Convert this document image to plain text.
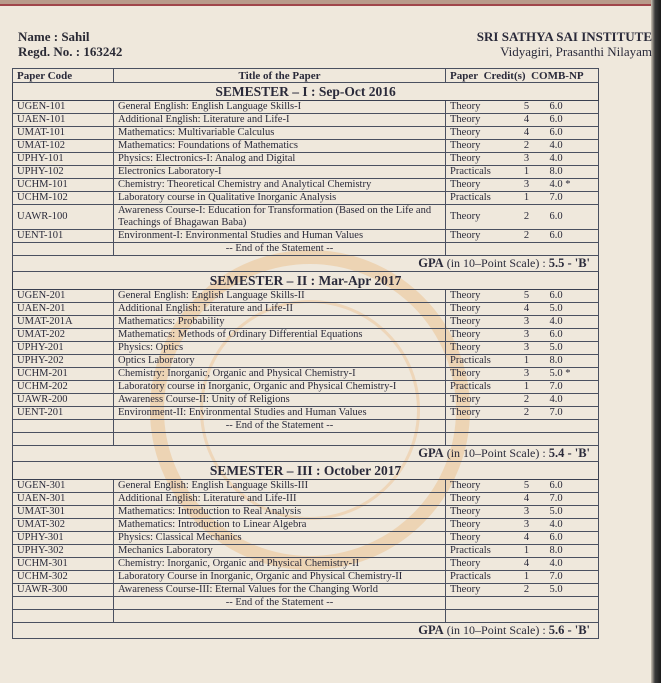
Name : Sahil
Regd. No. : 163242
SRI SATHYA SAI INSTITUTE
Vidyagiri, Prasanthi Nilayam
Paper Code	Title of the Paper	Paper Credit(s) COMB-NP		
SEMESTER – I : Sep-Oct 2016				
UGEN-101	General English: English Language Skills-I	Theory	5	6.0
UAEN-101	Additional English: Literature and Life-I	Theory	4	6.0
UMAT-101	Mathematics: Multivariable Calculus	Theory	4	6.0
UMAT-102	Mathematics: Foundations of Mathematics	Theory	2	4.0
UPHY-101	Physics: Electronics-I: Analog and Digital	Theory	3	4.0
UPHY-102	Electronics Laboratory-I	Practicals	1	8.0
UCHM-101	Chemistry: Theoretical Chemistry and Analytical Chemistry	Theory	3	4.0 *
UCHM-102	Laboratory course in Qualitative Inorganic Analysis	Practicals	1	7.0
UAWR-100	Awareness Course-I: Education for Transformation (Based on the Life and Teachings of Bhagawan Baba)	Theory	2	6.0
UENT-101	Environment-I: Environmental Studies and Human Values	Theory	2	6.0
	-- End of the Statement --			
GPA (in 10–Point Scale) : 5.5 - 'B'				
SEMESTER – II : Mar-Apr 2017				
UGEN-201	General English: English Language Skills-II	Theory	5	6.0
UAEN-201	Additional English: Literature and Life-II	Theory	4	5.0
UMAT-201A	Mathematics: Probability	Theory	3	4.0
UMAT-202	Mathematics: Methods of Ordinary Differential Equations	Theory	3	6.0
UPHY-201	Physics: Optics	Theory	3	5.0
UPHY-202	Optics Laboratory	Practicals	1	8.0
UCHM-201	Chemistry: Inorganic, Organic and Physical Chemistry-I	Theory	3	5.0 *
UCHM-202	Laboratory course in Inorganic, Organic and Physical Chemistry-I	Practicals	1	7.0
UAWR-200	Awareness Course-II: Unity of Religions	Theory	2	4.0
UENT-201	Environment-II: Environmental Studies and Human Values	Theory	2	7.0
	-- End of the Statement --			

GPA (in 10–Point Scale) : 5.4 - 'B'				
SEMESTER – III : October 2017				
UGEN-301	General English: English Language Skills-III	Theory	5	6.0
UAEN-301	Additional English: Literature and Life-III	Theory	4	7.0
UMAT-301	Mathematics: Introduction to Real Analysis	Theory	3	5.0
UMAT-302	Mathematics: Introduction to Linear Algebra	Theory	3	4.0
UPHY-301	Physics: Classical Mechanics	Theory	4	6.0
UPHY-302	Mechanics Laboratory	Practicals	1	8.0
UCHM-301	Chemistry: Inorganic, Organic and Physical Chemistry-II	Theory	4	4.0
UCHM-302	Laboratory Course in Inorganic, Organic and Physical Chemistry-II	Practicals	1	7.0
UAWR-300	Awareness Course-III: Eternal Values for the Changing World	Theory	2	5.0
	-- End of the Statement --			

GPA (in 10–Point Scale) : 5.6 - 'B'				
